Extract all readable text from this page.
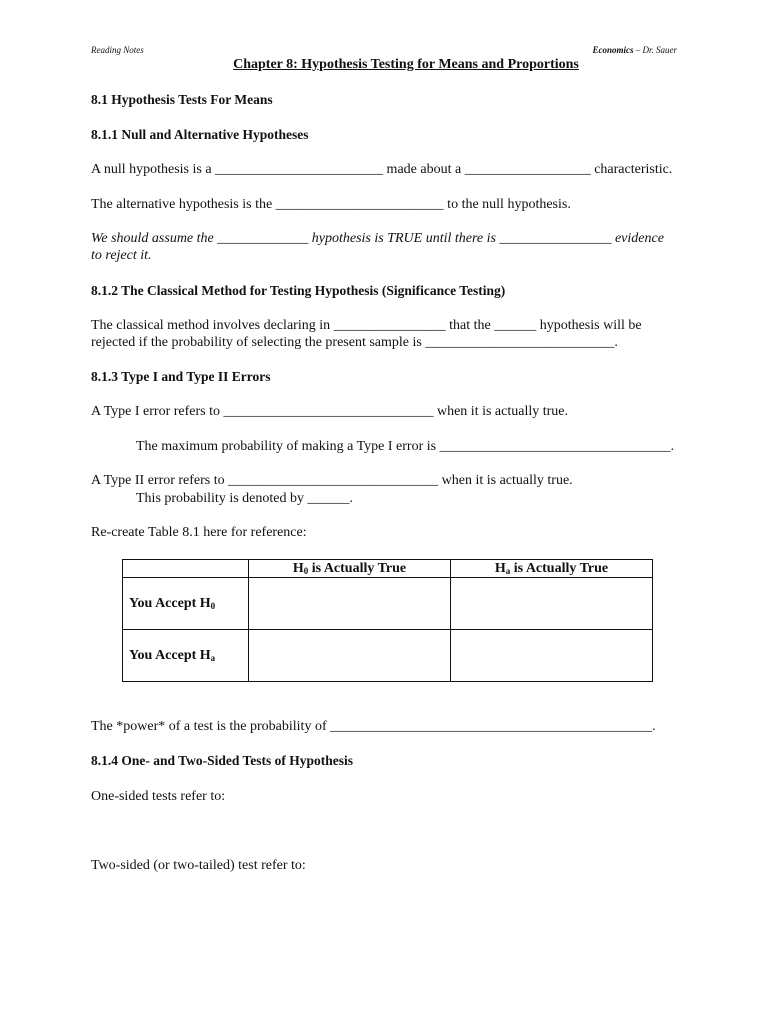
Reading Notes	Economics – Dr. Sauer
Chapter 8: Hypothesis Testing for Means and Proportions
8.1 Hypothesis Tests For Means
8.1.1 Null and Alternative Hypotheses
A null hypothesis is a ________________________ made about a __________________ characteristic.
The alternative hypothesis is the ________________________ to the null hypothesis.
We should assume the _____________ hypothesis is TRUE until there is ________________ evidence
to reject it.
8.1.2 The Classical Method for Testing Hypothesis (Significance Testing)
The classical method involves declaring in ________________ that the ______ hypothesis will be
rejected if the probability of selecting the present sample is ___________________________.
8.1.3 Type I and Type II Errors
A Type I error refers to ______________________________ when it is actually true.
The maximum probability of making a Type I error is _________________________________.
A Type II error refers to ______________________________ when it is actually true.
This probability is denoted by ______.
Re-create Table 8.1 here for reference:
	$H_0$ is Actually True	$H_a$ is Actually True
You Accept $H_0$		
You Accept $H_a$		
The *power* of a test is the probability of ______________________________________________.
8.1.4 One- and Two-Sided Tests of Hypothesis
One-sided tests refer to:
Two-sided (or two-tailed) test refer to:
